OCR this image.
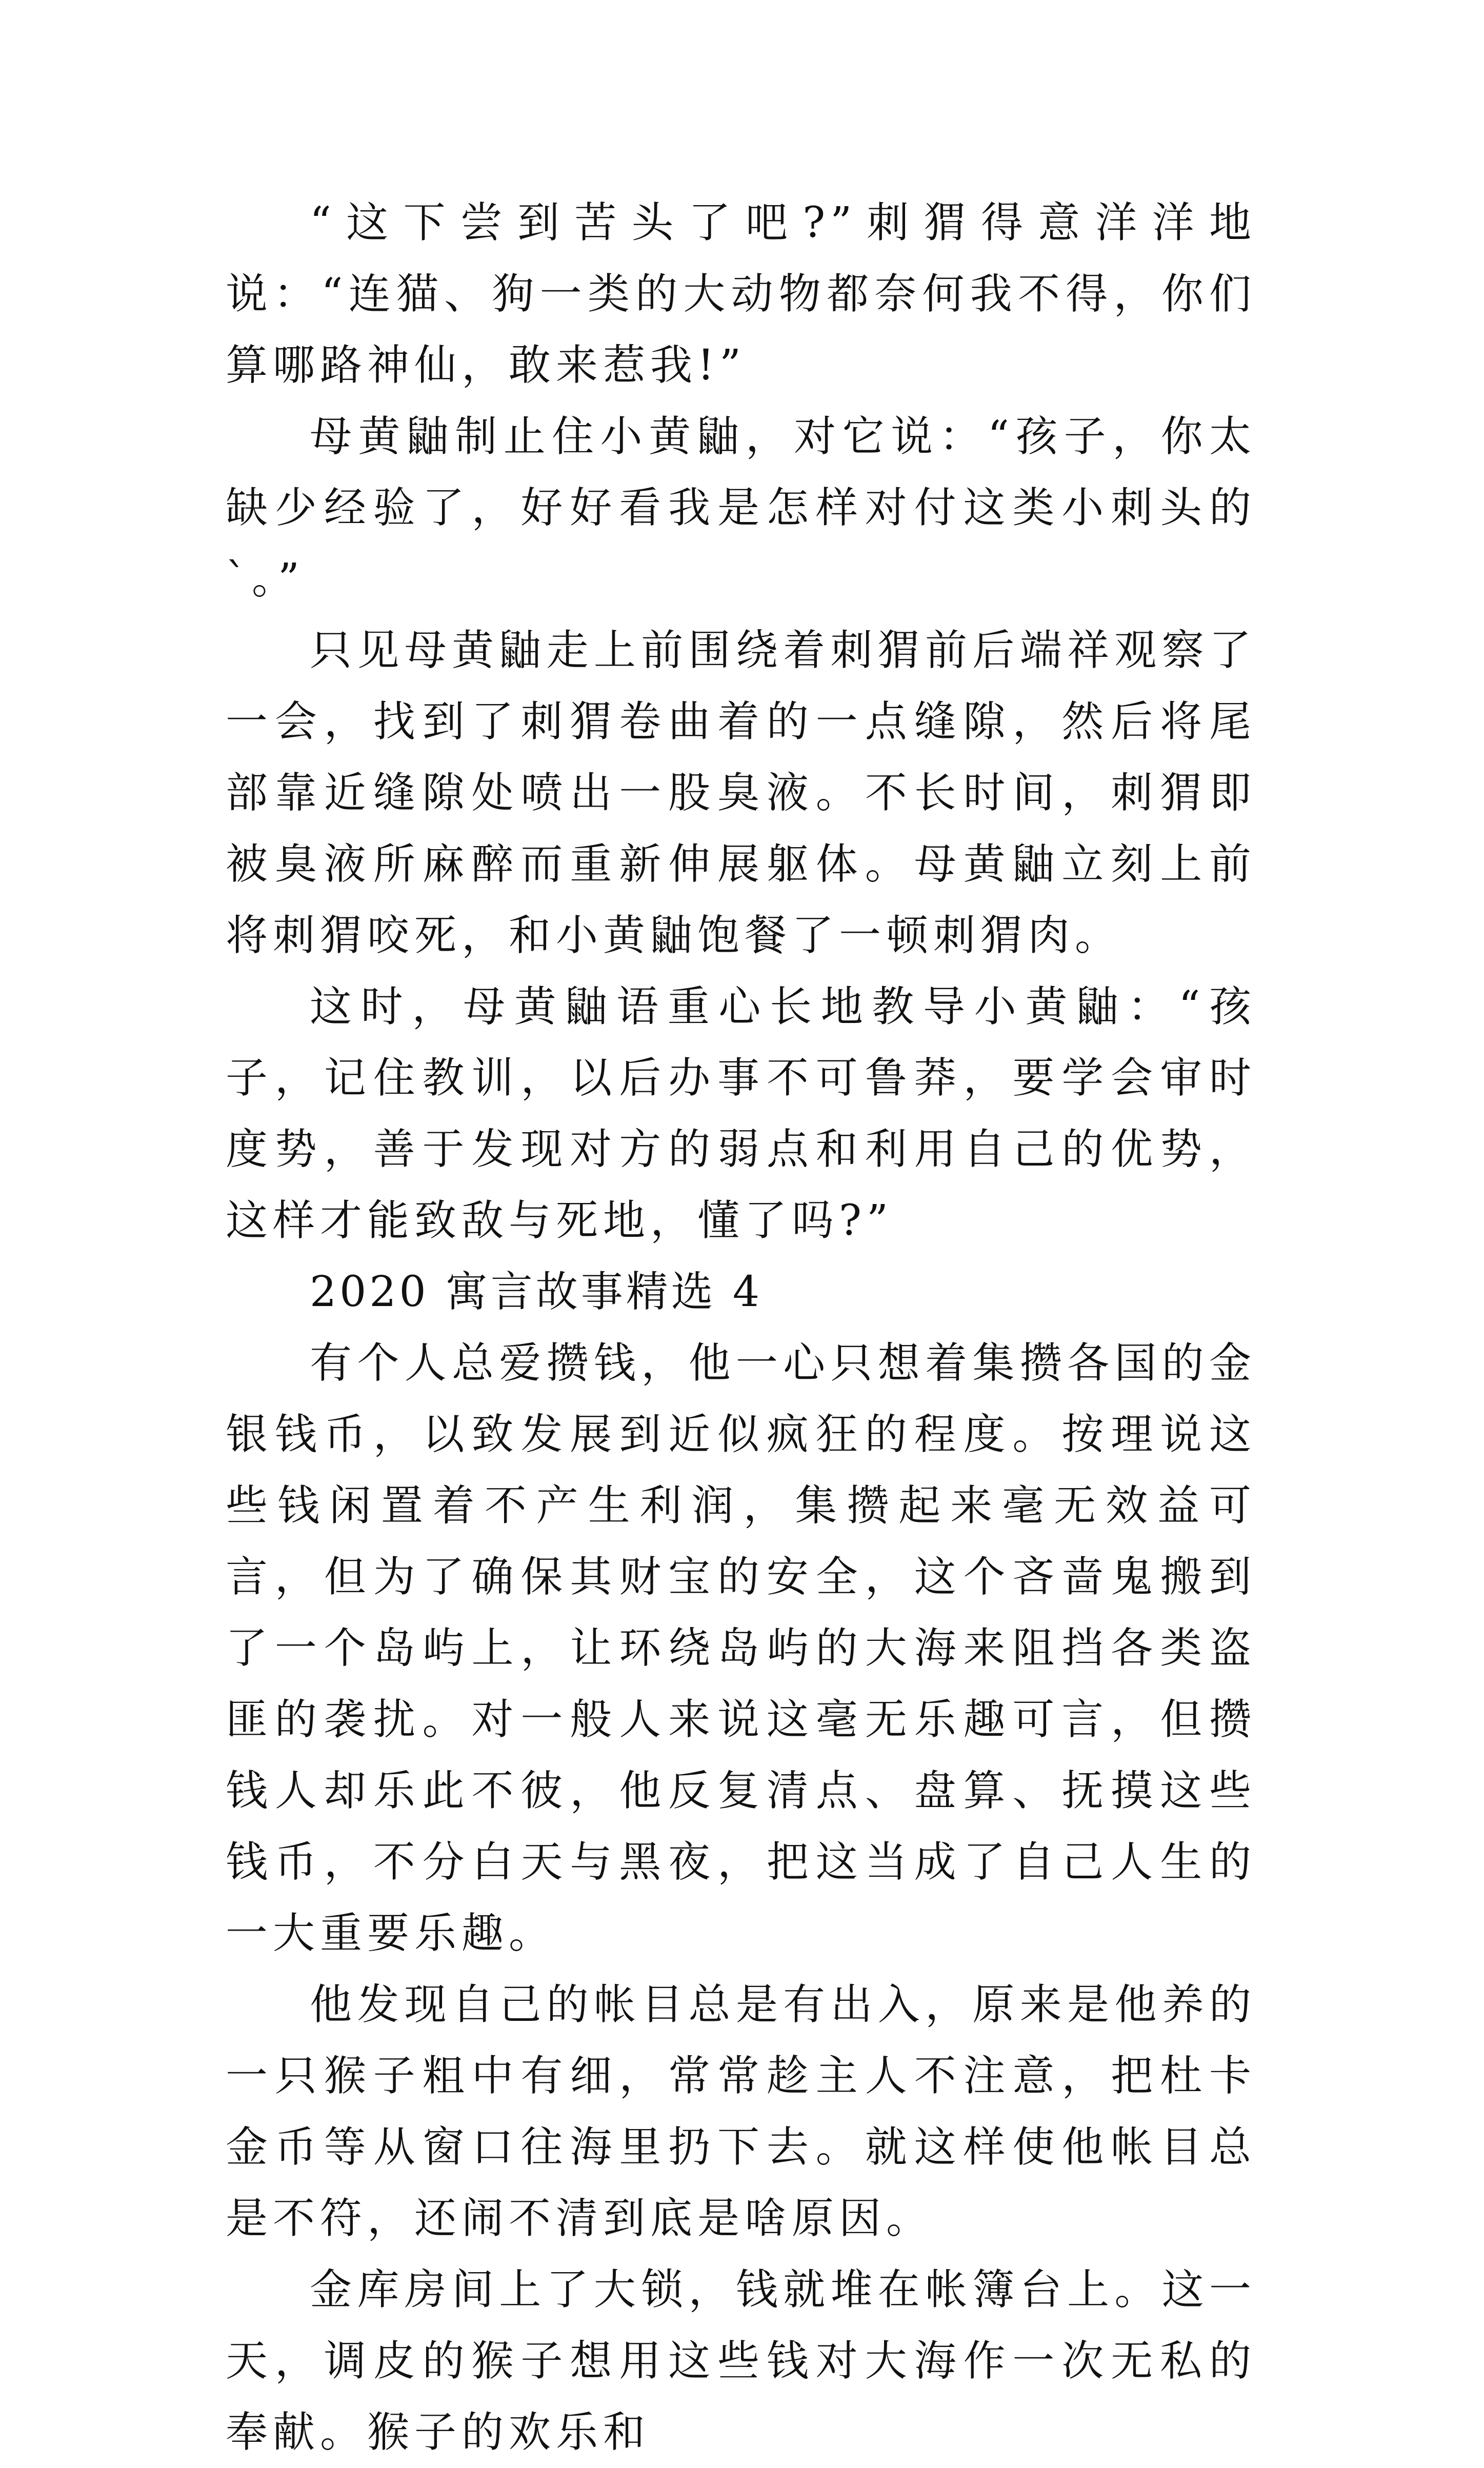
“这下尝到苦头了吧?”刺猬得意洋洋地说：“连猫、狗一类的大动物都奈何我不得，你们算哪路神仙，敢来惹我!”

母黄鼬制止住小黄鼬，对它说：“孩子，你太缺少经验了，好好看我是怎样对付这类小刺头的`。”

只见母黄鼬走上前围绕着刺猬前后端祥观察了一会，找到了刺猬卷曲着的一点缝隙，然后将尾部靠近缝隙处喷出一股臭液。不长时间，刺猬即被臭液所麻醉而重新伸展躯体。母黄鼬立刻上前将刺猬咬死，和小黄鼬饱餐了一顿刺猬肉。

这时，母黄鼬语重心长地教导小黄鼬：“孩子，记住教训，以后办事不可鲁莽，要学会审时度势，善于发现对方的弱点和利用自己的优势，这样才能致敌与死地，懂了吗?”

2020 寓言故事精选 4

有个人总爱攒钱，他一心只想着集攒各国的金银钱币，以致发展到近似疯狂的程度。按理说这些钱闲置着不产生利润，集攒起来毫无效益可言，但为了确保其财宝的安全，这个吝啬鬼搬到了一个岛屿上，让环绕岛屿的大海来阻挡各类盗匪的袭扰。对一般人来说这毫无乐趣可言，但攒钱人却乐此不彼，他反复清点、盘算、抚摸这些钱币，不分白天与黑夜，把这当成了自己人生的一大重要乐趣。

他发现自己的帐目总是有出入，原来是他养的一只猴子粗中有细，常常趁主人不注意，把杜卡金币等从窗口往海里扔下去。就这样使他帐目总是不符，还闹不清到底是啥原因。

金库房间上了大锁，钱就堆在帐簿台上。这一天，调皮的猴子想用这些钱对大海作一次无私的奉献。猴子的欢乐和
